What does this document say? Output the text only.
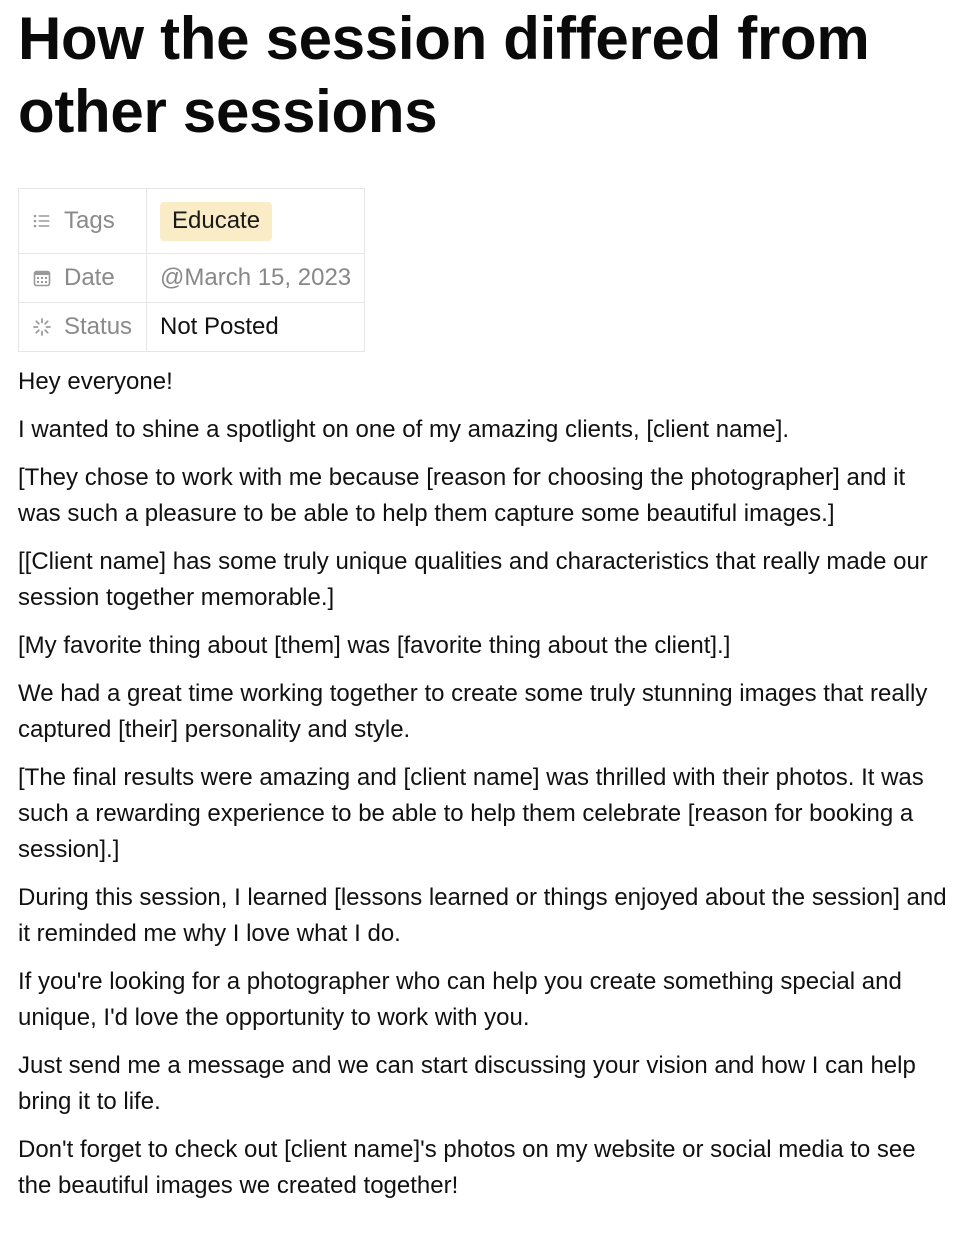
How the session differed from other sessions
Tags	Educate

Date	@March 15, 2023

Status	Not Posted

Hey everyone!

I wanted to shine a spotlight on one of my amazing clients, [client name].

[They chose to work with me because [reason for choosing the photographer] and it was such a pleasure to be able to help them capture some beautiful images.]

[[Client name] has some truly unique qualities and characteristics that really made our session together memorable.]

[My favorite thing about [them] was [favorite thing about the client].]

We had a great time working together to create some truly stunning images that really captured [their] personality and style.

[The final results were amazing and [client name] was thrilled with their photos. It was such a rewarding experience to be able to help them celebrate [reason for booking a session].]

During this session, I learned [lessons learned or things enjoyed about the session] and it reminded me why I love what I do.

If you're looking for a photographer who can help you create something special and unique, I'd love the opportunity to work with you.

Just send me a message and we can start discussing your vision and how I can help bring it to life.

Don't forget to check out [client name]'s photos on my website or social media to see the beautiful images we created together!
